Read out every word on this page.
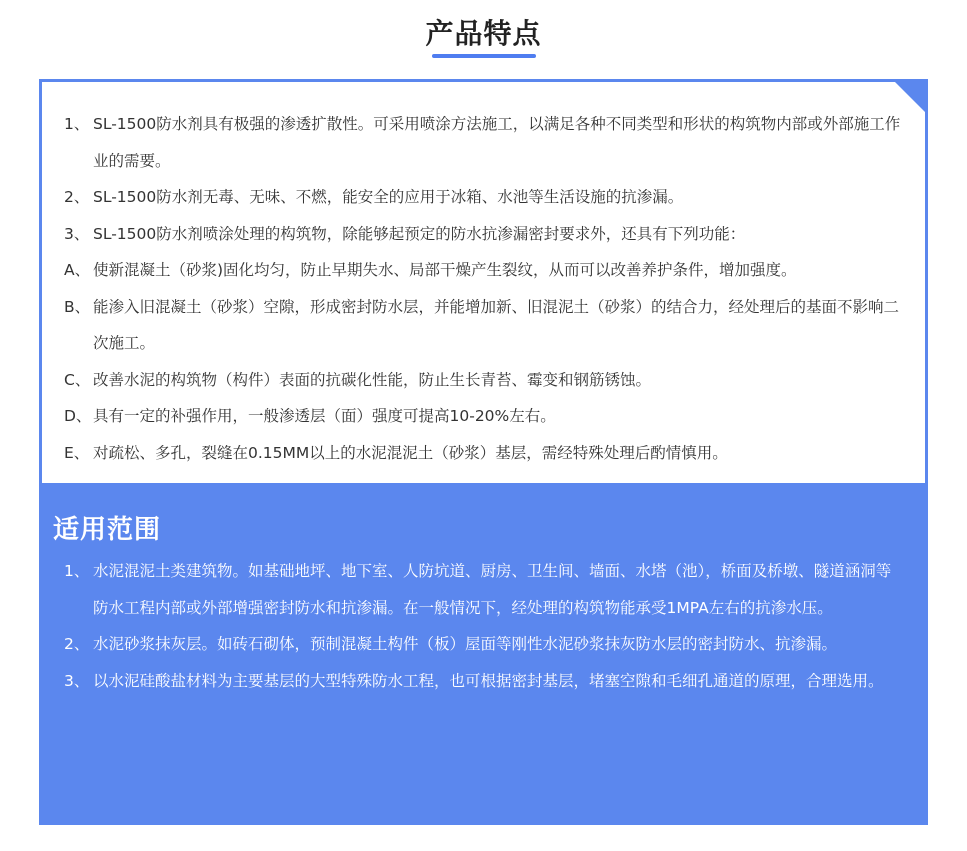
产品特点
1、 SL-1500防水剂具有极强的渗透扩散性。可采用喷涂方法施工，以满足各种不同类型和形状的构筑物内部或外部施工作业的需要。
2、 SL-1500防水剂无毒、无味、不燃，能安全的应用于冰箱、水池等生活设施的抗渗漏。
3、 SL-1500防水剂喷涂处理的构筑物，除能够起预定的防水抗渗漏密封要求外，还具有下列功能：
A、 使新混凝土（砂浆)固化均匀，防止早期失水、局部干燥产生裂纹，从而可以改善养护条件，增加强度。
B、 能渗入旧混凝土（砂浆）空隙，形成密封防水层，并能增加新、旧混泥土（砂浆）的结合力，经处理后的基面不影响二次施工。
C、 改善水泥的构筑物（构件）表面的抗碳化性能，防止生长青苔、霉变和钢筋锈蚀。
D、 具有一定的补强作用，一般渗透层（面）强度可提高10-20%左右。
E、 对疏松、多孔，裂缝在0.15MM以上的水泥混泥土（砂浆）基层，需经特殊处理后酌情慎用。
适用范围
1、 水泥混泥土类建筑物。如基础地坪、地下室、人防坑道、厨房、卫生间、墙面、水塔（池），桥面及桥墩、隧道涵洞等防水工程内部或外部增强密封防水和抗渗漏。在一般情况下，经处理的构筑物能承受1MPA左右的抗渗水压。
2、 水泥砂浆抹灰层。如砖石砌体，预制混凝土构件（板）屋面等刚性水泥砂浆抹灰防水层的密封防水、抗渗漏。
3、 以水泥硅酸盐材料为主要基层的大型特殊防水工程，也可根据密封基层，堵塞空隙和毛细孔通道的原理，合理选用。
